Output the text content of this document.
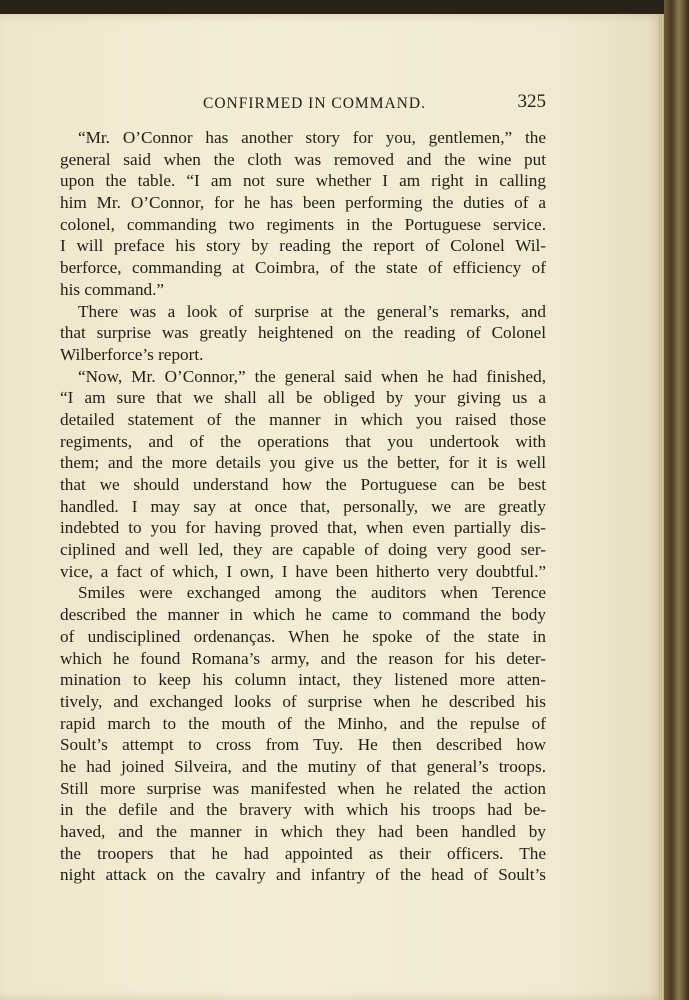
CONFIRMED IN COMMAND.	325
“Mr. O’Connor has another story for you, gentlemen,” the
general said when the cloth was removed and the wine put
upon the table. “I am not sure whether I am right in calling
him Mr. O’Connor, for he has been performing the duties of a
colonel, commanding two regiments in the Portuguese service.
I will preface his story by reading the report of Colonel Wil-
berforce, commanding at Coimbra, of the state of efficiency of
his command.”
There was a look of surprise at the general’s remarks, and
that surprise was greatly heightened on the reading of Colonel
Wilberforce’s report.
“Now, Mr. O’Connor,” the general said when he had finished,
“I am sure that we shall all be obliged by your giving us a
detailed statement of the manner in which you raised those
regiments, and of the operations that you undertook with
them; and the more details you give us the better, for it is well
that we should understand how the Portuguese can be best
handled. I may say at once that, personally, we are greatly
indebted to you for having proved that, when even partially dis-
ciplined and well led, they are capable of doing very good ser-
vice, a fact of which, I own, I have been hitherto very doubtful.”
Smiles were exchanged among the auditors when Terence
described the manner in which he came to command the body
of undisciplined ordenanças. When he spoke of the state in
which he found Romana’s army, and the reason for his deter-
mination to keep his column intact, they listened more atten-
tively, and exchanged looks of surprise when he described his
rapid march to the mouth of the Minho, and the repulse of
Soult’s attempt to cross from Tuy. He then described how
he had joined Silveira, and the mutiny of that general’s troops.
Still more surprise was manifested when he related the action
in the defile and the bravery with which his troops had be-
haved, and the manner in which they had been handled by
the troopers that he had appointed as their officers. The
night attack on the cavalry and infantry of the head of Soult’s
